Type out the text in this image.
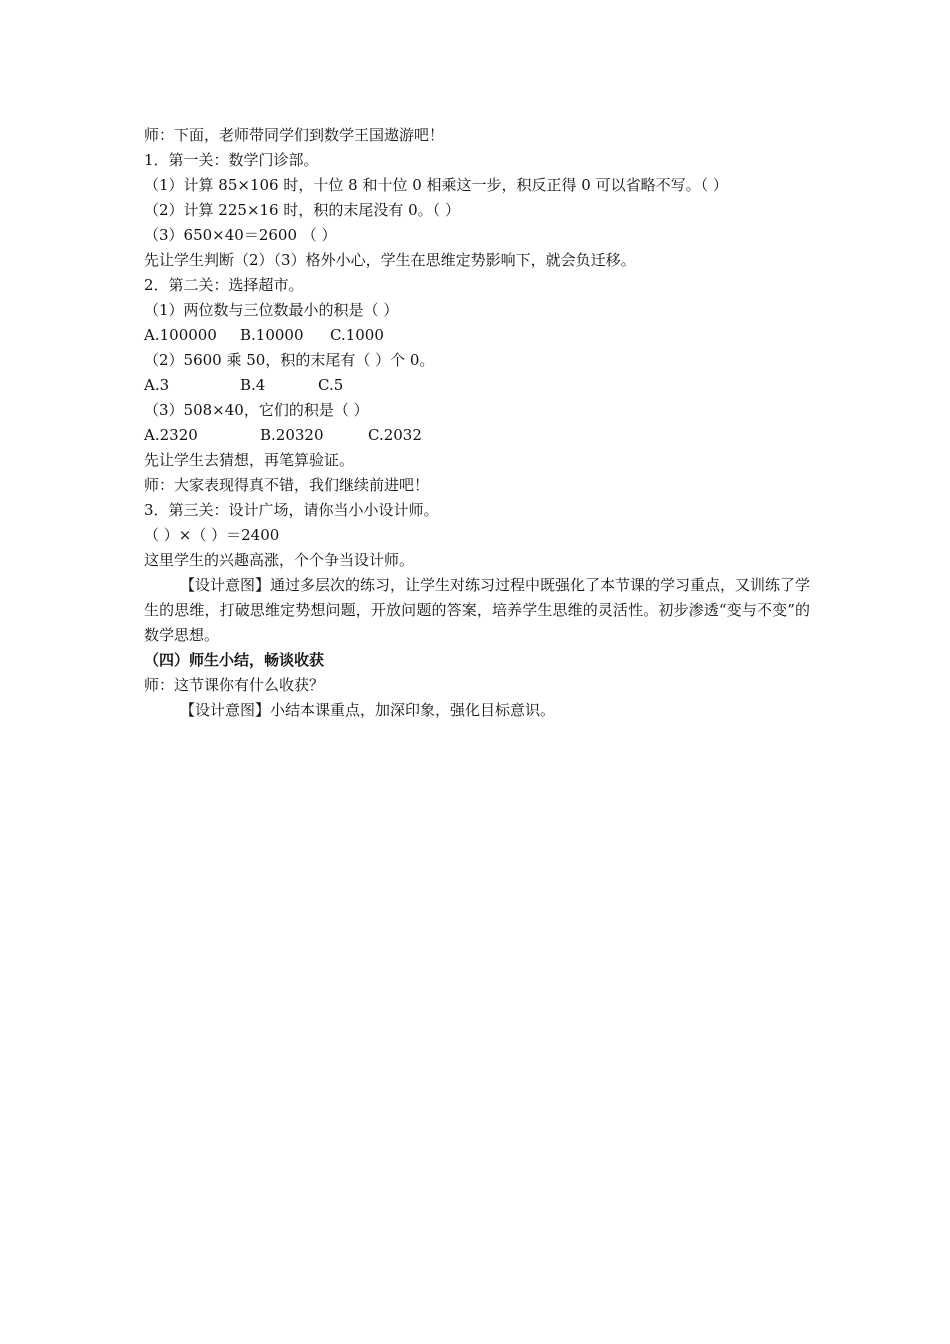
师：下面，老师带同学们到数学王国遨游吧！
1．第一关：数学门诊部。
（1）计算 85×106 时，十位 8 和十位 0 相乘这一步，积反正得 0 可以省略不写。（ ）
（2）计算 225×16 时，积的末尾没有 0。（ ）
（3）650×40＝2600 （ ）
先让学生判断（2）（3）格外小心，学生在思维定势影响下，就会负迁移。
2．第二关：选择超市。
（1）两位数与三位数最小的积是（ ）
A.100000 B.10000 C.1000
（2）5600 乘 50，积的末尾有（ ）个 0。
A.3	B.4	C.5
（3）508×40，它们的积是（ ）
A.2320	B.20320	C.2032
先让学生去猜想，再笔算验证。
师：大家表现得真不错，我们继续前进吧！
3．第三关：设计广场，请你当小小设计师。
（ ）×（ ）＝2400
这里学生的兴趣高涨，个个争当设计师。
【设计意图】通过多层次的练习，让学生对练习过程中既强化了本节课的学习重点，又训练了学生的思维，打破思维定势想问题，开放问题的答案，培养学生思维的灵活性。初步渗透“变与不变”的数学思想。
（四）师生小结，畅谈收获
师：这节课你有什么收获？
【设计意图】小结本课重点，加深印象，强化目标意识。
